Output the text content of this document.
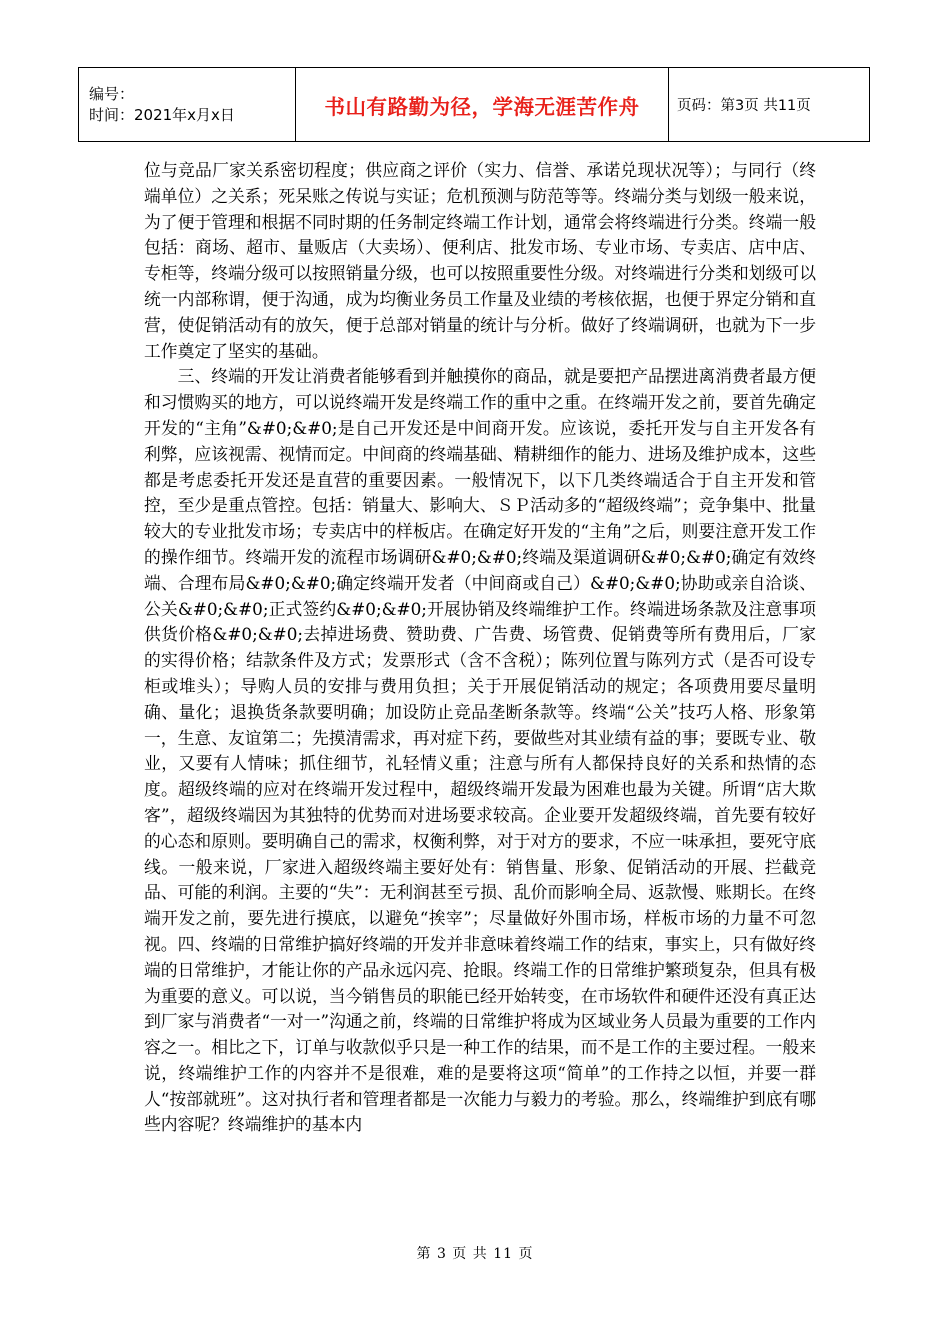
编号：
时间：2021年x月x日	书山有路勤为径，学海无涯苦作舟	页码：第3页 共11页

位与竞品厂家关系密切程度；供应商之评价（实力、信誉、承诺兑现状况等）；与同行（终端单位）之关系；死呆账之传说与实证；危机预测与防范等等。终端分类与划级一般来说，为了便于管理和根据不同时期的任务制定终端工作计划，通常会将终端进行分类。终端一般包括：商场、超市、量贩店（大卖场）、便利店、批发市场、专业市场、专卖店、店中店、专柜等，终端分级可以按照销量分级，也可以按照重要性分级。对终端进行分类和划级可以统一内部称谓，便于沟通，成为均衡业务员工作量及业绩的考核依据，也便于界定分销和直营，使促销活动有的放矢，便于总部对销量的统计与分析。做好了终端调研，也就为下一步工作奠定了坚实的基础。

三、终端的开发让消费者能够看到并触摸你的商品，就是要把产品摆进离消费者最方便和习惯购买的地方，可以说终端开发是终端工作的重中之重。在终端开发之前，要首先确定开发的“主角”&#0;&#0;是自己开发还是中间商开发。应该说，委托开发与自主开发各有利弊，应该视需、视情而定。中间商的终端基础、精耕细作的能力、进场及维护成本，这些都是考虑委托开发还是直营的重要因素。一般情况下，以下几类终端适合于自主开发和管控，至少是重点管控。包括：销量大、影响大、ＳＰ活动多的“超级终端”；竞争集中、批量较大的专业批发市场；专卖店中的样板店。在确定好开发的“主角”之后，则要注意开发工作的操作细节。终端开发的流程市场调研&#0;&#0;终端及渠道调研&#0;&#0;确定有效终端、合理布局&#0;&#0;确定终端开发者（中间商或自己）&#0;&#0;协助或亲自洽谈、公关&#0;&#0;正式签约&#0;&#0;开展协销及终端维护工作。终端进场条款及注意事项供货价格&#0;&#0;去掉进场费、赞助费、广告费、场管费、促销费等所有费用后，厂家的实得价格；结款条件及方式；发票形式（含不含税）；陈列位置与陈列方式（是否可设专柜或堆头）；导购人员的安排与费用负担；关于开展促销活动的规定；各项费用要尽量明确、量化；退换货条款要明确；加设防止竞品垄断条款等。终端“公关”技巧人格、形象第一，生意、友谊第二；先摸清需求，再对症下药，要做些对其业绩有益的事；要既专业、敬业，又要有人情味；抓住细节，礼轻情义重；注意与所有人都保持良好的关系和热情的态度。超级终端的应对在终端开发过程中，超级终端开发最为困难也最为关键。所谓“店大欺客”，超级终端因为其独特的优势而对进场要求较高。企业要开发超级终端，首先要有较好的心态和原则。要明确自己的需求，权衡利弊，对于对方的要求，不应一味承担，要死守底线。一般来说，厂家进入超级终端主要好处有：销售量、形象、促销活动的开展、拦截竞品、可能的利润。主要的“失”：无利润甚至亏损、乱价而影响全局、返款慢、账期长。在终端开发之前，要先进行摸底，以避免“挨宰”；尽量做好外围市场，样板市场的力量不可忽视。四、终端的日常维护搞好终端的开发并非意味着终端工作的结束，事实上，只有做好终端的日常维护，才能让你的产品永远闪亮、抢眼。终端工作的日常维护繁琐复杂，但具有极为重要的意义。可以说，当今销售员的职能已经开始转变，在市场软件和硬件还没有真正达到厂家与消费者“一对一”沟通之前，终端的日常维护将成为区域业务人员最为重要的工作内容之一。相比之下，订单与收款似乎只是一种工作的结果，而不是工作的主要过程。一般来说，终端维护工作的内容并不是很难，难的是要将这项“简单”的工作持之以恒，并要一群人“按部就班”。这对执行者和管理者都是一次能力与毅力的考验。那么，终端维护到底有哪些内容呢？终端维护的基本内

第 3 页 共 11 页
